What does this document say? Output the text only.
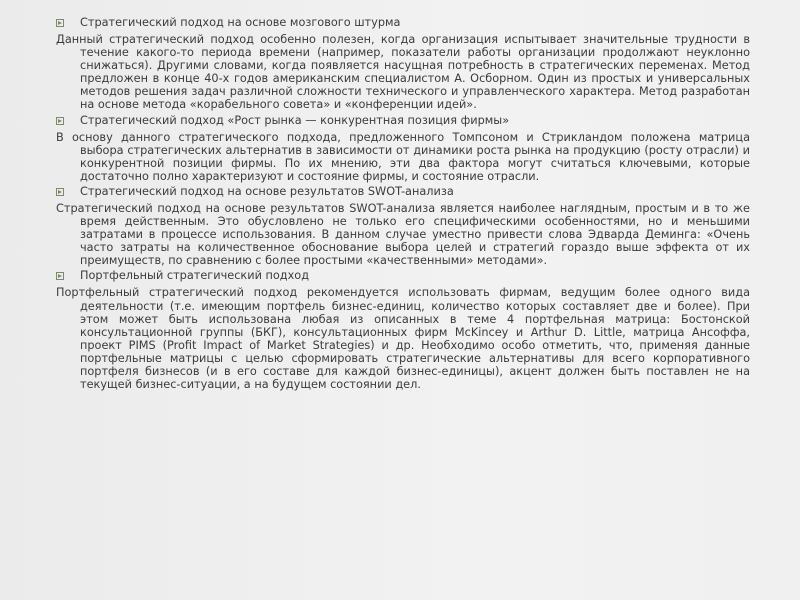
Стратегический подход на основе мозгового штурма

Данный стратегический подход особенно полезен, когда организация испытывает значительные трудности в течение какого-то периода времени (например, показатели работы организации продолжают неуклонно снижаться). Другими словами, когда появляется насущная потребность в стратегических переменах. Метод предложен в конце 40-х годов американским специалистом А. Осборном. Один из простых и универсальных методов решения задач различной сложности технического и управленческого характера. Метод разработан на основе метода «корабельного совета» и «конференции идей».

Стратегический подход «Рост рынка — конкурентная позиция фирмы»

В основу данного стратегического подхода, предложенного Томпсоном и Стрикландом положена матрица выбора стратегических альтернатив в зависимости от динамики роста рынка на продукцию (росту отрасли) и конкурентной позиции фирмы. По их мнению, эти два фактора могут считаться ключевыми, которые достаточно полно характеризуют и состояние фирмы, и состояние отрасли.

Стратегический подход на основе результатов SWOT-анализа

Стратегический подход на основе результатов SWOT-анализа является наиболее наглядным, простым и в то же время действенным. Это обусловлено не только его специфическими особенностями, но и меньшими затратами в процессе использования. В данном случае уместно привести слова Эдварда Деминга: «Очень часто затраты на количественное обоснование выбора целей и стратегий гораздо выше эффекта от их преимуществ, по сравнению с более простыми «качественными» методами».

Портфельный стратегический подход

Портфельный стратегический подход рекомендуется использовать фирмам, ведущим более одного вида деятельности (т.е. имеющим портфель бизнес-единиц, количество которых составляет две и более). При этом может быть использована любая из описанных в теме 4 портфельная матрица: Бостонской консультационной группы (БКГ), консультационных фирм McKinсey и Arthur D. Little, матрица Ансоффа, проект PIMS (Profit Impact of Market Strategies) и др. Необходимо особо отметить, что, применяя данные портфельные матрицы с целью сформировать стратегические альтернативы для всего корпоративного портфеля бизнесов (и в его составе для каждой бизнес-единицы), акцент должен быть поставлен не на текущей бизнес-ситуации, а на будущем состоянии дел.
